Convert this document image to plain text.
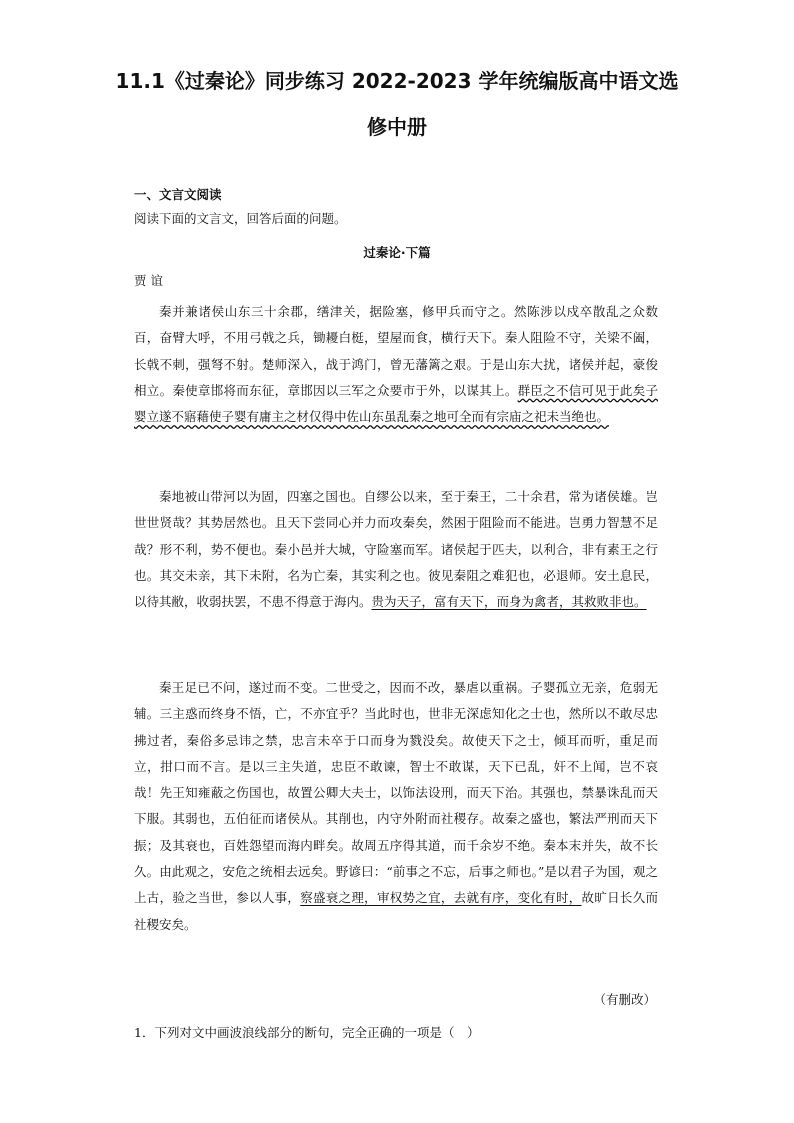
11.1《过秦论》同步练习 2022-2023 学年统编版高中语文选
修中册
一、文言文阅读
阅读下面的文言文，回答后面的问题。
过秦论·下篇
贾 谊

秦并兼诸侯山东三十余郡，缮津关，据险塞，修甲兵而守之。然陈涉以戍卒散乱之众数百，奋臂大呼，不用弓戟之兵，锄耰白梃，望屋而食，横行天下。秦人阻险不守，关梁不阖，长戟不刺，强弩不射。楚师深入，战于鸿门，曾无藩篱之艰。于是山东大扰，诸侯并起，豪俊相立。秦使章邯将而东征，章邯因以三军之众要市于外，以谋其上。群臣之不信可见于此矣子婴立遂不寤藉使子婴有庸主之材仅得中佐山东虽乱秦之地可全而有宗庙之祀未当绝也。

秦地被山带河以为固，四塞之国也。自缪公以来，至于秦王，二十余君，常为诸侯雄。岂世世贤哉？其势居然也。且天下尝同心并力而攻秦矣，然困于阻险而不能进。岂勇力智慧不足哉？形不利，势不便也。秦小邑并大城，守险塞而军。诸侯起于匹夫，以利合，非有素王之行也。其交未亲，其下未附，名为亡秦，其实利之也。彼见秦阻之难犯也，必退师。安土息民，以待其敝，收弱扶罢，不患不得意于海内。贵为天子，富有天下，而身为禽者，其救败非也。

秦王足已不问，遂过而不变。二世受之，因而不改，暴虐以重祸。子婴孤立无亲，危弱无辅。三主惑而终身不悟，亡，不亦宜乎？当此时也，世非无深虑知化之士也，然所以不敢尽忠拂过者，秦俗多忌讳之禁，忠言未卒于口而身为戮没矣。故使天下之士，倾耳而听，重足而立，拑口而不言。是以三主失道，忠臣不敢谏，智士不敢谋，天下已乱，奸不上闻，岂不哀哉！先王知雍蔽之伤国也，故置公卿大夫士，以饰法设刑，而天下治。其强也，禁暴诛乱而天下服。其弱也，五伯征而诸侯从。其削也，内守外附而社稷存。故秦之盛也，繁法严刑而天下振；及其衰也，百姓怨望而海内畔矣。故周五序得其道，而千余岁不绝。秦本末并失，故不长久。由此观之，安危之统相去远矣。野谚曰：“前事之不忘，后事之师也。”是以君子为国，观之上古，验之当世，参以人事，察盛衰之理，审权势之宜，去就有序，变化有时，故旷日长久而社稷安矣。

（有删改）
1．下列对文中画波浪线部分的断句，完全正确的一项是（　）
